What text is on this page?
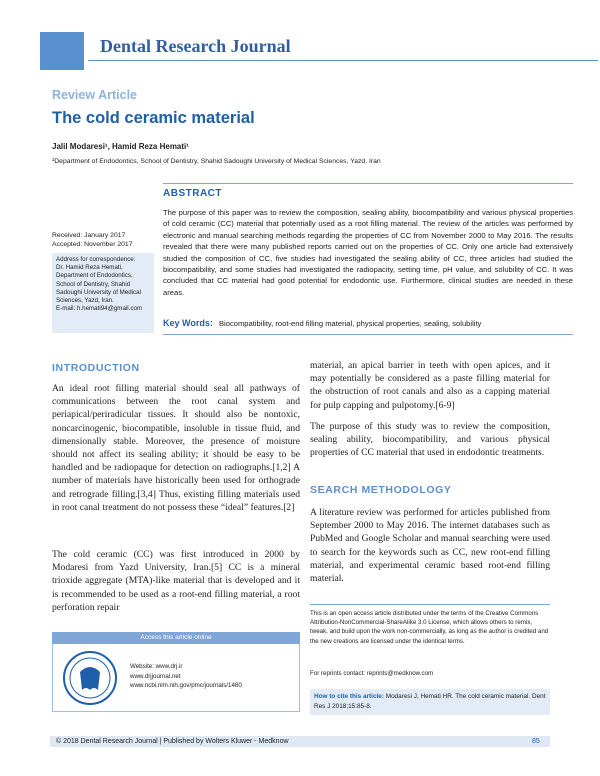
Dental Research Journal
Review Article
The cold ceramic material
Jalil Modaresi¹, Hamid Reza Hemati¹
¹Department of Endodontics, School of Dentistry, Shahid Sadoughi University of Medical Sciences, Yazd, Iran
ABSTRACT
The purpose of this paper was to review the composition, sealing ability, biocompatibility and various physical properties of cold ceramic (CC) material that potentially used as a root filling material. The review of the articles was performed by electronic and manual searching methods regarding the properties of CC from November 2000 to May 2016. The results revealed that there were many published reports carried out on the properties of CC. Only one article had extensively studied the composition of CC, five studies had investigated the sealing ability of CC, three articles had studied the biocompatibility, and some studies had investigated the radiopacity, setting time, pH value, and solubility of CC. It was concluded that CC material had good potential for endodontic use. Furthermore, clinical studies are needed in these areas.
Key Words: Biocompatibility, root-end filling material, physical properties, sealing, solubility
Received: January 2017
Accepted: November 2017
Address for correspondence:
Dr. Hamid Reza Hemati, Department of Endodontics, School of Dentistry, Shahid Sadoughi University of Medical Sciences, Yazd, Iran.
E-mail: h.hemati94@gmail.com
INTRODUCTION
An ideal root filling material should seal all pathways of communications between the root canal system and periapical/periradicular tissues. It should also be nontoxic, noncarcinogenic, biocompatible, insoluble in tissue fluid, and dimensionally stable. Moreover, the presence of moisture should not affect its sealing ability; it should be easy to be handled and be radiopaque for detection on radiographs.[1,2] A number of materials have historically been used for orthograde and retrograde filling.[3,4] Thus, existing filling materials used in root canal treatment do not possess these “ideal” features.[2]
The cold ceramic (CC) was first introduced in 2000 by Modaresi from Yazd University, Iran.[5] CC is a mineral trioxide aggregate (MTA)-like material that is developed and it is recommended to be used as a root-end filling material, a root perforation repair
material, an apical barrier in teeth with open apices, and it may potentially be considered as a paste filling material for the obstruction of root canals and also as a capping material for pulp capping and pulpotomy.[6-9]
The purpose of this study was to review the composition, sealing ability, biocompatibility, and various physical properties of CC material that used in endodontic treatments.
SEARCH METHODOLOGY
A literature review was performed for articles published from September 2000 to May 2016. The internet databases such as PubMed and Google Scholar and manual searching were used to search for the keywords such as CC, new root-end filling material, and experimental ceramic based root-end filling material.
Access this article online
Website: www.drj.ir
www.drjjournal.net
www.ncbi.nlm.nih.gov/pmc/journals/1480
This is an open access article distributed under the terms of the Creative Commons Attribution-NonCommercial-ShareAlike 3.0 License, which allows others to remix, tweak, and build upon the work non-commercially, as long as the author is credited and the new creations are licensed under the identical terms.
For reprints contact: reprints@medknow.com
How to cite this article: Modaresi J, Hemati HR. The cold ceramic material. Dent Res J 2018;15:85-8.
© 2018 Dental Research Journal | Published by Wolters Kluwer - Medknow	85
